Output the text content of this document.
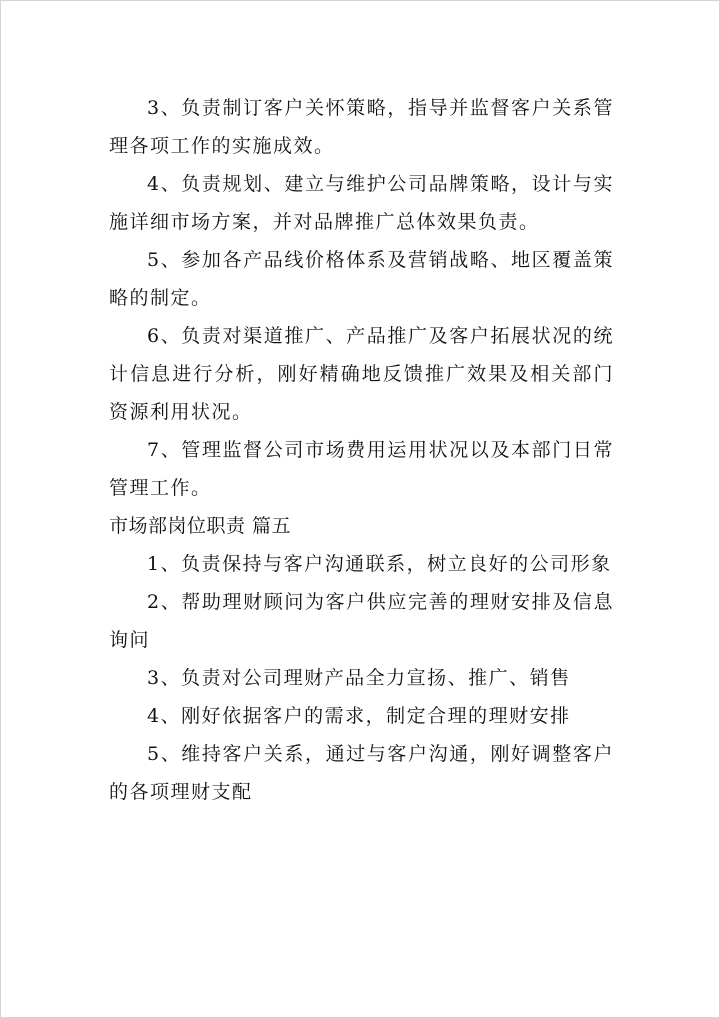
3、负责制订客户关怀策略，指导并监督客户关系管理各项工作的实施成效。

4、负责规划、建立与维护公司品牌策略，设计与实施详细市场方案，并对品牌推广总体效果负责。

5、参加各产品线价格体系及营销战略、地区覆盖策略的制定。

6、负责对渠道推广、产品推广及客户拓展状况的统计信息进行分析，刚好精确地反馈推广效果及相关部门资源利用状况。

7、管理监督公司市场费用运用状况以及本部门日常管理工作。

市场部岗位职责 篇五

1、负责保持与客户沟通联系，树立良好的公司形象

2、帮助理财顾问为客户供应完善的理财安排及信息询问

3、负责对公司理财产品全力宣扬、推广、销售

4、刚好依据客户的需求，制定合理的理财安排

5、维持客户关系，通过与客户沟通，刚好调整客户的各项理财支配
